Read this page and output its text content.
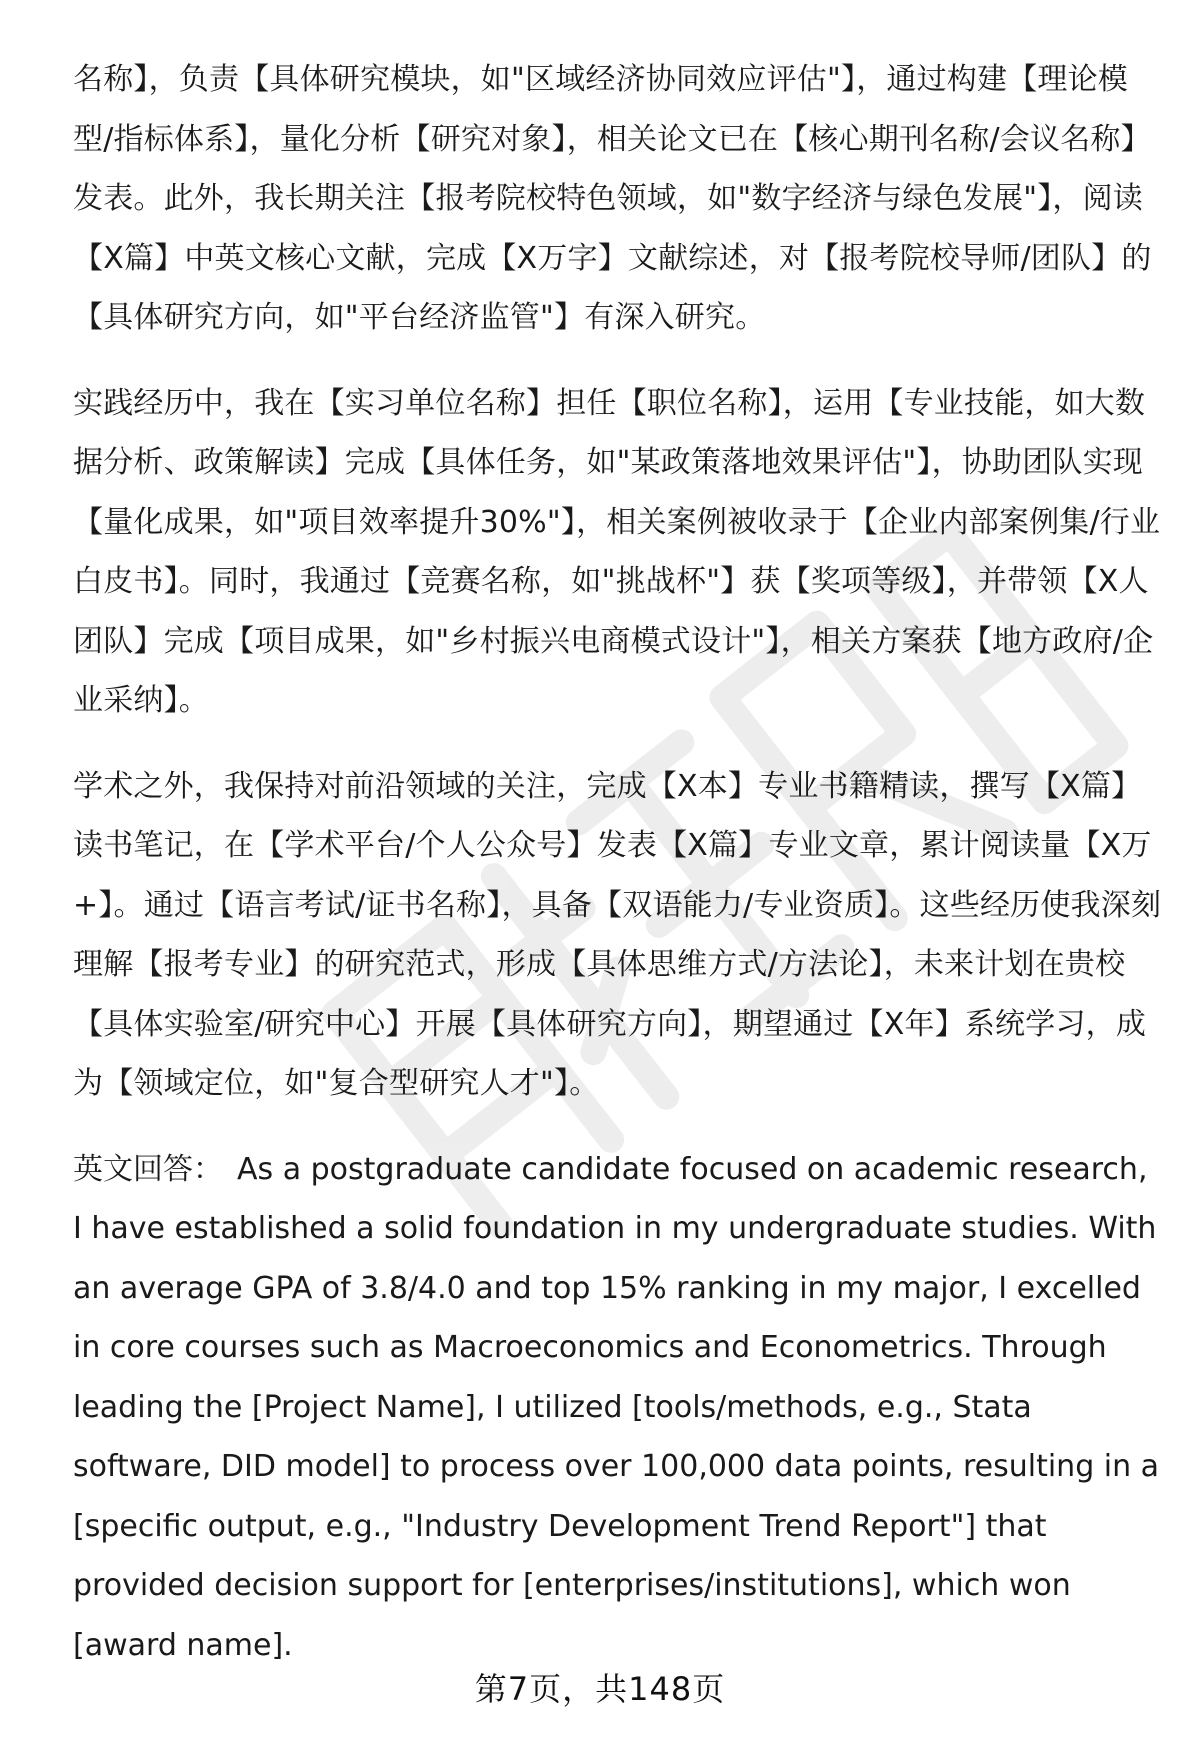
名称】，负责【具体研究模块，如"区域经济协同效应评估"】，通过构建【理论模型/指标体系】，量化分析【研究对象】，相关论文已在【核心期刊名称/会议名称】发表。此外，我长期关注【报考院校特色领域，如"数字经济与绿色发展"】，阅读【X篇】中英文核心文献，完成【X万字】文献综述，对【报考院校导师/团队】的【具体研究方向，如"平台经济监管"】有深入研究。

实践经历中，我在【实习单位名称】担任【职位名称】，运用【专业技能，如大数据分析、政策解读】完成【具体任务，如"某政策落地效果评估"】，协助团队实现【量化成果，如"项目效率提升30%"】，相关案例被收录于【企业内部案例集/行业白皮书】。同时，我通过【竞赛名称，如"挑战杯"】获【奖项等级】，并带领【X人团队】完成【项目成果，如"乡村振兴电商模式设计"】，相关方案获【地方政府/企业采纳】。

学术之外，我保持对前沿领域的关注，完成【X本】专业书籍精读，撰写【X篇】读书笔记，在【学术平台/个人公众号】发表【X篇】专业文章，累计阅读量【X万+】。通过【语言考试/证书名称】，具备【双语能力/专业资质】。这些经历使我深刻理解【报考专业】的研究范式，形成【具体思维方式/方法论】，未来计划在贵校【具体实验室/研究中心】开展【具体研究方向】，期望通过【X年】系统学习，成为【领域定位，如"复合型研究人才"】。

英文回答： As a postgraduate candidate focused on academic research, I have established a solid foundation in my undergraduate studies. With an average GPA of 3.8/4.0 and top 15% ranking in my major, I excelled in core courses such as Macroeconomics and Econometrics. Through leading the [Project Name], I utilized [tools/methods, e.g., Stata software, DID model] to process over 100,000 data points, resulting in a [specific output, e.g., "Industry Development Trend Report"] that provided decision support for [enterprises/institutions], which won [award name].

第7页，共148页
